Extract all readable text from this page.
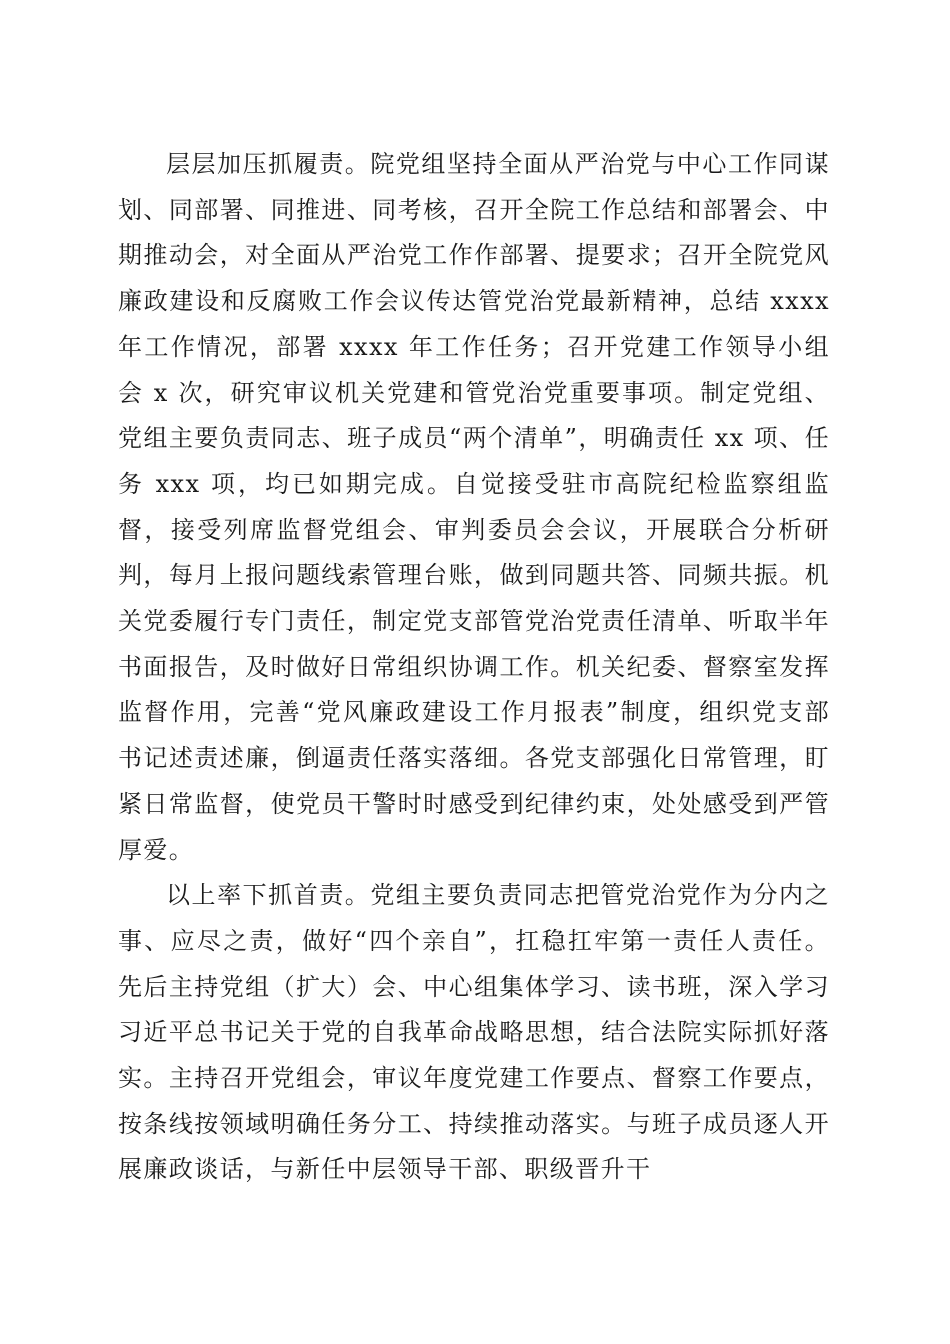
层层加压抓履责。院党组坚持全面从严治党与中心工作同谋划、同部署、同推进、同考核，召开全院工作总结和部署会、中期推动会，对全面从严治党工作作部署、提要求；召开全院党风廉政建设和反腐败工作会议传达管党治党最新精神，总结 xxxx 年工作情况，部署 xxxx 年工作任务；召开党建工作领导小组会 x 次，研究审议机关党建和管党治党重要事项。制定党组、党组主要负责同志、班子成员“两个清单”，明确责任 xx 项、任务 xxx 项，均已如期完成。自觉接受驻市高院纪检监察组监督，接受列席监督党组会、审判委员会会议，开展联合分析研判，每月上报问题线索管理台账，做到同题共答、同频共振。机关党委履行专门责任，制定党支部管党治党责任清单、听取半年书面报告，及时做好日常组织协调工作。机关纪委、督察室发挥监督作用，完善“党风廉政建设工作月报表”制度，组织党支部书记述责述廉，倒逼责任落实落细。各党支部强化日常管理，盯紧日常监督，使党员干警时时感受到纪律约束，处处感受到严管厚爱。

以上率下抓首责。党组主要负责同志把管党治党作为分内之事、应尽之责，做好“四个亲自”，扛稳扛牢第一责任人责任。先后主持党组（扩大）会、中心组集体学习、读书班，深入学习习近平总书记关于党的自我革命战略思想，结合法院实际抓好落实。主持召开党组会，审议年度党建工作要点、督察工作要点，按条线按领域明确任务分工、持续推动落实。与班子成员逐人开展廉政谈话，与新任中层领导干部、职级晋升干
